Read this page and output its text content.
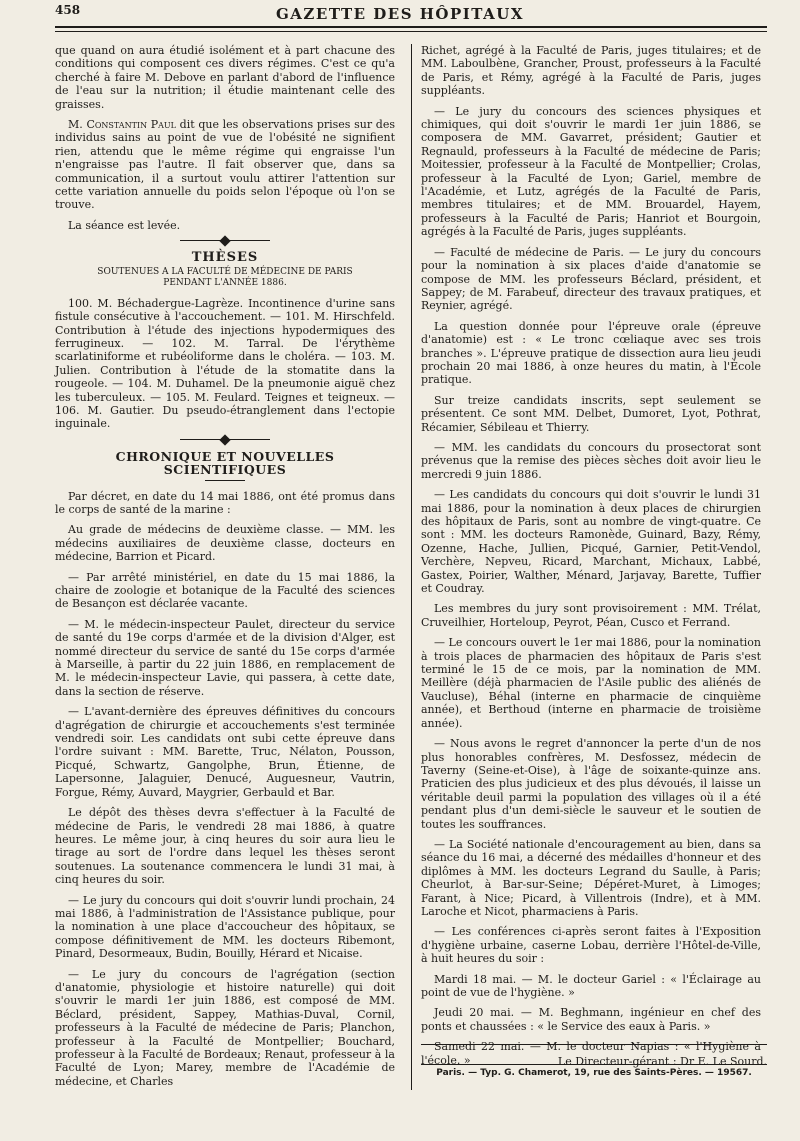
458	GAZETTE DES HÔPITAUX

que quand on aura étudié isolément et à part chacune des conditions qui composent ces divers régimes. C'est ce qu'a cherché à faire M. Debove en parlant d'abord de l'influence de l'eau sur la nutrition; il étudie maintenant celle des graisses.

M. Constantin Paul dit que les observations prises sur des individus sains au point de vue de l'obésité ne signifient rien, attendu que le même régime qui engraisse l'un n'engraisse pas l'autre. Il fait observer que, dans sa communication, il a surtout voulu attirer l'attention sur cette variation annuelle du poids selon l'époque où l'on se trouve.

La séance est levée.

THÈSES
SOUTENUES A LA FACULTÉ DE MÉDECINE DE PARIS
PENDANT L'ANNÉE 1886.

100. M. Béchadergue-Lagrèze. Incontinence d'urine sans fistule consécutive à l'accouchement. — 101. M. Hirschfeld. Contribution à l'étude des injections hypodermiques des ferrugineux. — 102. M. Tarral. De l'érythème scarlatiniforme et rubéoliforme dans le choléra. — 103. M. Julien. Contribution à l'étude de la stomatite dans la rougeole. — 104. M. Duhamel. De la pneumonie aiguë chez les tuberculeux. — 105. M. Feulard. Teignes et teigneux. — 106. M. Gautier. Du pseudo-étranglement dans l'ectopie inguinale.

CHRONIQUE ET NOUVELLES SCIENTIFIQUES

Par décret, en date du 14 mai 1886, ont été promus dans le corps de santé de la marine :

Au grade de médecins de deuxième classe. — MM. les médecins auxiliaires de deuxième classe, docteurs en médecine, Barrion et Picard.

— Par arrêté ministériel, en date du 15 mai 1886, la chaire de zoologie et botanique de la Faculté des sciences de Besançon est déclarée vacante.

— M. le médecin-inspecteur Paulet, directeur du service de santé du 19e corps d'armée et de la division d'Alger, est nommé directeur du service de santé du 15e corps d'armée à Marseille, à partir du 22 juin 1886, en remplacement de M. le médecin-inspecteur Lavie, qui passera, à cette date, dans la section de réserve.

— L'avant-dernière des épreuves définitives du concours d'agrégation de chirurgie et accouchements s'est terminée vendredi soir. Les candidats ont subi cette épreuve dans l'ordre suivant : MM. Barette, Truc, Nélaton, Pousson, Picqué, Schwartz, Gangolphe, Brun, Étienne, de Lapersonne, Jalaguier, Denucé, Auguesneur, Vautrin, Forgue, Rémy, Auvard, Maygrier, Gerbauld et Bar.

Le dépôt des thèses devra s'effectuer à la Faculté de médecine de Paris, le vendredi 28 mai 1886, à quatre heures. Le même jour, à cinq heures du soir aura lieu le tirage au sort de l'ordre dans lequel les thèses seront soutenues. La soutenance commencera le lundi 31 mai, à cinq heures du soir.

— Le jury du concours qui doit s'ouvrir lundi prochain, 24 mai 1886, à l'administration de l'Assistance publique, pour la nomination à une place d'accoucheur des hôpitaux, se compose définitivement de MM. les docteurs Ribemont, Pinard, Desormeaux, Budin, Bouilly, Hérard et Nicaise.

— Le jury du concours de l'agrégation (section d'anatomie, physiologie et histoire naturelle) qui doit s'ouvrir le mardi 1er juin 1886, est composé de MM. Béclard, président, Sappey, Mathias-Duval, Cornil, professeurs à la Faculté de médecine de Paris; Planchon, professeur à la Faculté de Montpellier; Bouchard, professeur à la Faculté de Bordeaux; Renaut, professeur à la Faculté de Lyon; Marey, membre de l'Académie de médecine, et Charles

Richet, agrégé à la Faculté de Paris, juges titulaires; et de MM. Laboulbène, Grancher, Proust, professeurs à la Faculté de Paris, et Rémy, agrégé à la Faculté de Paris, juges suppléants.

— Le jury du concours des sciences physiques et chimiques, qui doit s'ouvrir le mardi 1er juin 1886, se composera de MM. Gavarret, président; Gautier et Regnauld, professeurs à la Faculté de médecine de Paris; Moitessier, professeur à la Faculté de Montpellier; Crolas, professeur à la Faculté de Lyon; Gariel, membre de l'Académie, et Lutz, agrégés de la Faculté de Paris, membres titulaires; et de MM. Brouardel, Hayem, professeurs à la Faculté de Paris; Hanriot et Bourgoin, agrégés à la Faculté de Paris, juges suppléants.

— Faculté de médecine de Paris. — Le jury du concours pour la nomination à six places d'aide d'anatomie se compose de MM. les professeurs Béclard, président, et Sappey; de M. Farabeuf, directeur des travaux pratiques, et Reynier, agrégé.

La question donnée pour l'épreuve orale (épreuve d'anatomie) est : « Le tronc cœliaque avec ses trois branches ». L'épreuve pratique de dissection aura lieu jeudi prochain 20 mai 1886, à onze heures du matin, à l'École pratique.

Sur treize candidats inscrits, sept seulement se présentent. Ce sont MM. Delbet, Dumoret, Lyot, Pothrat, Récamier, Sébileau et Thierry.

— MM. les candidats du concours du prosectorat sont prévenus que la remise des pièces sèches doit avoir lieu le mercredi 9 juin 1886.

— Les candidats du concours qui doit s'ouvrir le lundi 31 mai 1886, pour la nomination à deux places de chirurgien des hôpitaux de Paris, sont au nombre de vingt-quatre. Ce sont : MM. les docteurs Ramonède, Guinard, Bazy, Rémy, Ozenne, Hache, Jullien, Picqué, Garnier, Petit-Vendol, Verchère, Nepveu, Ricard, Marchant, Michaux, Labbé, Gastex, Poirier, Walther, Ménard, Jarjavay, Barette, Tuffier et Coudray.

Les membres du jury sont provisoirement : MM. Trélat, Cruveilhier, Horteloup, Peyrot, Péan, Cusco et Ferrand.

— Le concours ouvert le 1er mai 1886, pour la nomination à trois places de pharmacien des hôpitaux de Paris s'est terminé le 15 de ce mois, par la nomination de MM. Meillère (déjà pharmacien de l'Asile public des aliénés de Vaucluse), Béhal (interne en pharmacie de cinquième année), et Berthoud (interne en pharmacie de troisième année).

— Nous avons le regret d'annoncer la perte d'un de nos plus honorables confrères, M. Desfossez, médecin de Taverny (Seine-et-Oise), à l'âge de soixante-quinze ans. Praticien des plus judicieux et des plus dévoués, il laisse un véritable deuil parmi la population des villages où il a été pendant plus d'un demi-siècle le sauveur et le soutien de toutes les souffrances.

— La Société nationale d'encouragement au bien, dans sa séance du 16 mai, a décerné des médailles d'honneur et des diplômes à MM. les docteurs Legrand du Saulle, à Paris; Cheurlot, à Bar-sur-Seine; Dépéret-Muret, à Limoges; Farant, à Nice; Picard, à Villentrois (Indre), et à MM. Laroche et Nicot, pharmaciens à Paris.

— Les conférences ci-après seront faites à l'Exposition d'hygiène urbaine, caserne Lobau, derrière l'Hôtel-de-Ville, à huit heures du soir :

Mardi 18 mai. — M. le docteur Gariel : « l'Éclairage au point de vue de l'hygiène. »

Jeudi 20 mai. — M. Beghmann, ingénieur en chef des ponts et chaussées : « le Service des eaux à Paris. »

Samedi 22 mai. — M. le docteur Napias : « l'Hygiène à l'école. »	Le Directeur-gérant : Dr E. Le Sourd.
Paris. — Typ. G. Chamerot, 19, rue des Saints-Pères. — 19567.
